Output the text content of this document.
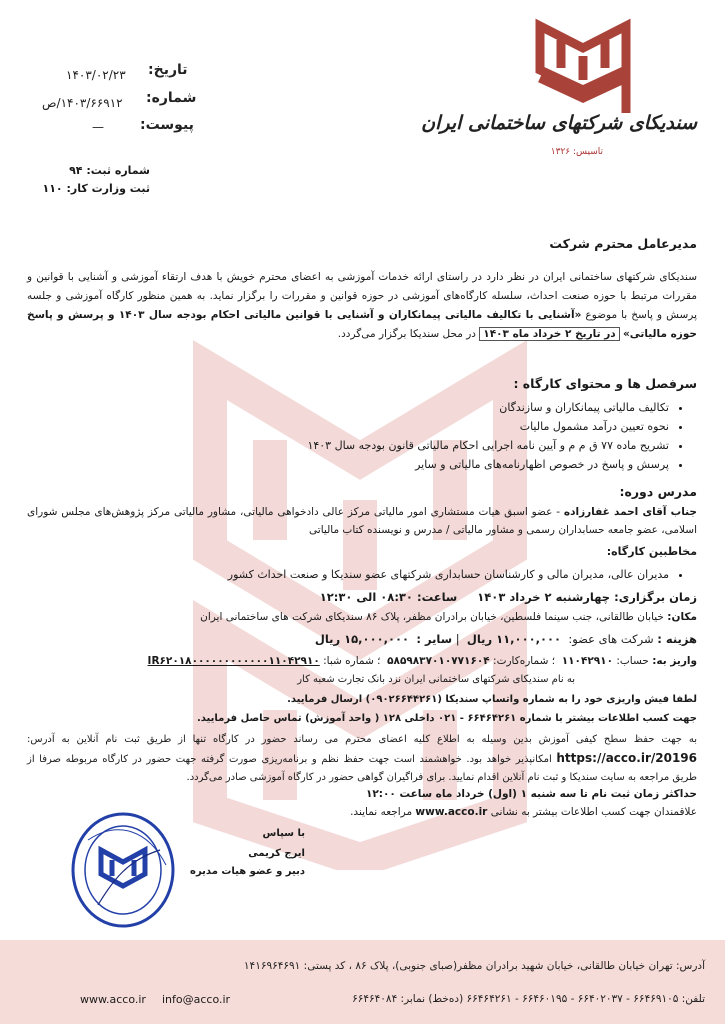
تاریخ:
۱۴۰۳/۰۲/۲۳
شماره:
۱۴۰۳/۶۶۹۱۲/ص
پیوست:
—
شماره ثبت: ۹۴
ثبت وزارت کار: ۱۱۰
سندیکای شرکتهای ساختمانی ایران
تاسیس: ۱۳۲۶
مدیرعامل محترم شرکت
سندیکای شرکتهای ساختمانی ایران در نظر دارد در راستای ارائه خدمات آموزشی به اعضای محترم خویش با هدف ارتقاء آموزشی و آشنایی با قوانین و مقررات مرتبط با حوزه صنعت احداث، سلسله کارگاه‌های آموزشی در حوزه قوانین و مقررات را برگزار نماید. به همین منظور کارگاه آموزشی و جلسه پرسش و پاسخ با موضوع «آشنایی با تکالیف مالیاتی پیمانکاران و آشنایی با قوانین مالیاتی احکام بودجه سال ۱۴۰۳ و پرسش و پاسخ حوزه مالیاتی» در تاریخ ۲ خرداد ماه ۱۴۰۳ در محل سندیکا برگزار می‌گردد.
سرفصل ها و محتوای کارگاه :
• تکالیف مالیاتی پیمانکاران و سازندگان
• نحوه تعیین درآمد مشمول مالیات
• تشریح ماده ۷۷ ق م م و آیین نامه اجرایی احکام مالیاتی قانون بودجه سال ۱۴۰۳
• پرسش و پاسخ در خصوص اظهارنامه‌های مالیاتی و سایر
مدرس دوره:
جناب آقای احمد غفارزاده - عضو اسبق هیات مستشاری امور مالیاتی مرکز عالی دادخواهی مالیاتی، مشاور مالیاتی مرکز پژوهش‌های مجلس شورای اسلامی، عضو جامعه حسابداران رسمی و مشاور مالیاتی / مدرس و نویسنده کتاب مالیاتی
مخاطبین کارگاه:
• مدیران عالی، مدیران مالی و کارشناسان حسابداری شرکتهای عضو سندیکا و صنعت احداث کشور
زمان برگزاری: چهارشنبه ۲ خرداد ۱۴۰۳     ساعت: ۰۸:۳۰ الی ۱۲:۳۰
مکان: خیابان طالقانی، جنب سینما فلسطین، خیابان برادران مظفر، پلاک ۸۶ سندیکای شرکت های ساختمانی ایران
هزینه : شرکت های عضو:  ۱۱,۰۰۰,۰۰۰ ریال  | سایر :  ۱۵,۰۰۰,۰۰۰ ریال
واریز به: حساب: ۱۱۰۴۲۹۱۰  ؛ شماره‌کارت: ۵۸۵۹۸۳۷۰۱۰۷۷۱۶۰۴  ؛ شماره شبا: IR۶۲۰۱۸۰۰۰۰۰۰۰۰۰۰۰۰۱۱۰۴۲۹۱۰
به نام سندیکای شرکتهای ساختمانی ایران نزد بانک تجارت شعبه کار
لطفا فیش واریزی خود را به شماره واتساپ سندیکا (۰۹۰۲۶۶۴۴۲۶۱) ارسال فرمایید.
جهت کسب اطلاعات بیشتر با شماره ۶۶۴۶۴۲۶۱ - ۰۲۱ داخلی ۱۲۸ ( واحد آموزش) تماس حاصل فرمایید.
به جهت حفظ سطح کیفی آموزش بدین وسیله به اطلاع کلیه اعضای محترم می رساند حضور در کارگاه تنها از طریق ثبت نام آنلاین به آدرس: https://acco.ir/20196 امکانپذیر خواهد بود. خواهشمند است جهت حفظ نظم و برنامه‌ریزی صورت گرفته جهت حضور در کارگاه مربوطه صرفا از طریق مراجعه به سایت سندیکا و ثبت نام آنلاین اقدام نمایید. برای فراگیران گواهی حضور در کارگاه آموزشی صادر می‌گردد.
حداکثر زمان ثبت نام تا سه شنبه ۱ (اول) خرداد ماه ساعت ۱۲:۰۰
علاقمندان جهت کسب اطلاعات بیشتر به نشانی www.acco.ir مراجعه نمایند.
با سپاس
ایرج کریمی
دبیر و عضو هیات مدیره
آدرس: تهران خیابان طالقانی، خیابان شهید برادران مظفر(صبای جنوبی)، پلاک ۸۶ ، کد پستی: ۱۴۱۶۹۶۴۶۹۱
تلفن: ۶۶۴۶۹۱۰۵ - ۶۶۴۰۲۰۳۷ - ۶۶۴۶۰۱۹۵ - ۶۶۴۶۴۲۶۱ (ده‌خط) نمابر: ۶۶۴۶۴۰۸۴
www.acco.ir info@acco.ir
